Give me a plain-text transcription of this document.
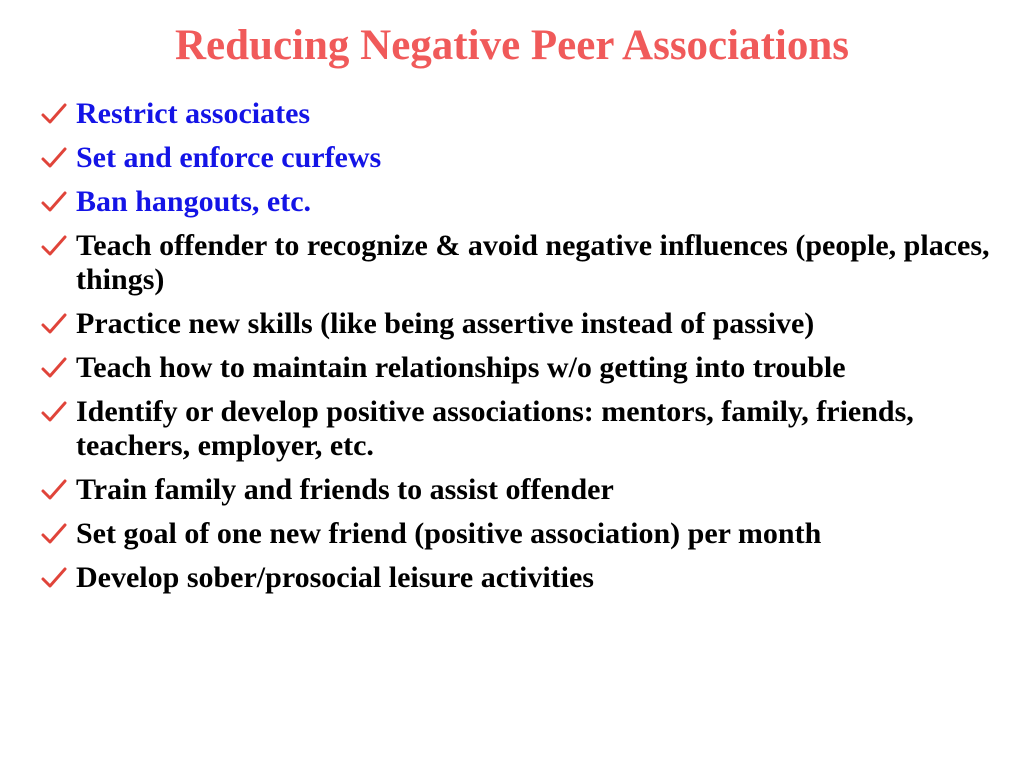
Reducing Negative Peer Associations
Restrict associates
Set and enforce curfews
Ban hangouts, etc.
Teach offender to recognize & avoid negative influences (people, places, things)
Practice new skills (like being assertive instead of passive)
Teach how to maintain relationships w/o getting into trouble
Identify or develop positive associations: mentors, family, friends, teachers, employer, etc.
Train family and friends to assist offender
Set goal of one new friend (positive association) per month
Develop sober/prosocial leisure activities
